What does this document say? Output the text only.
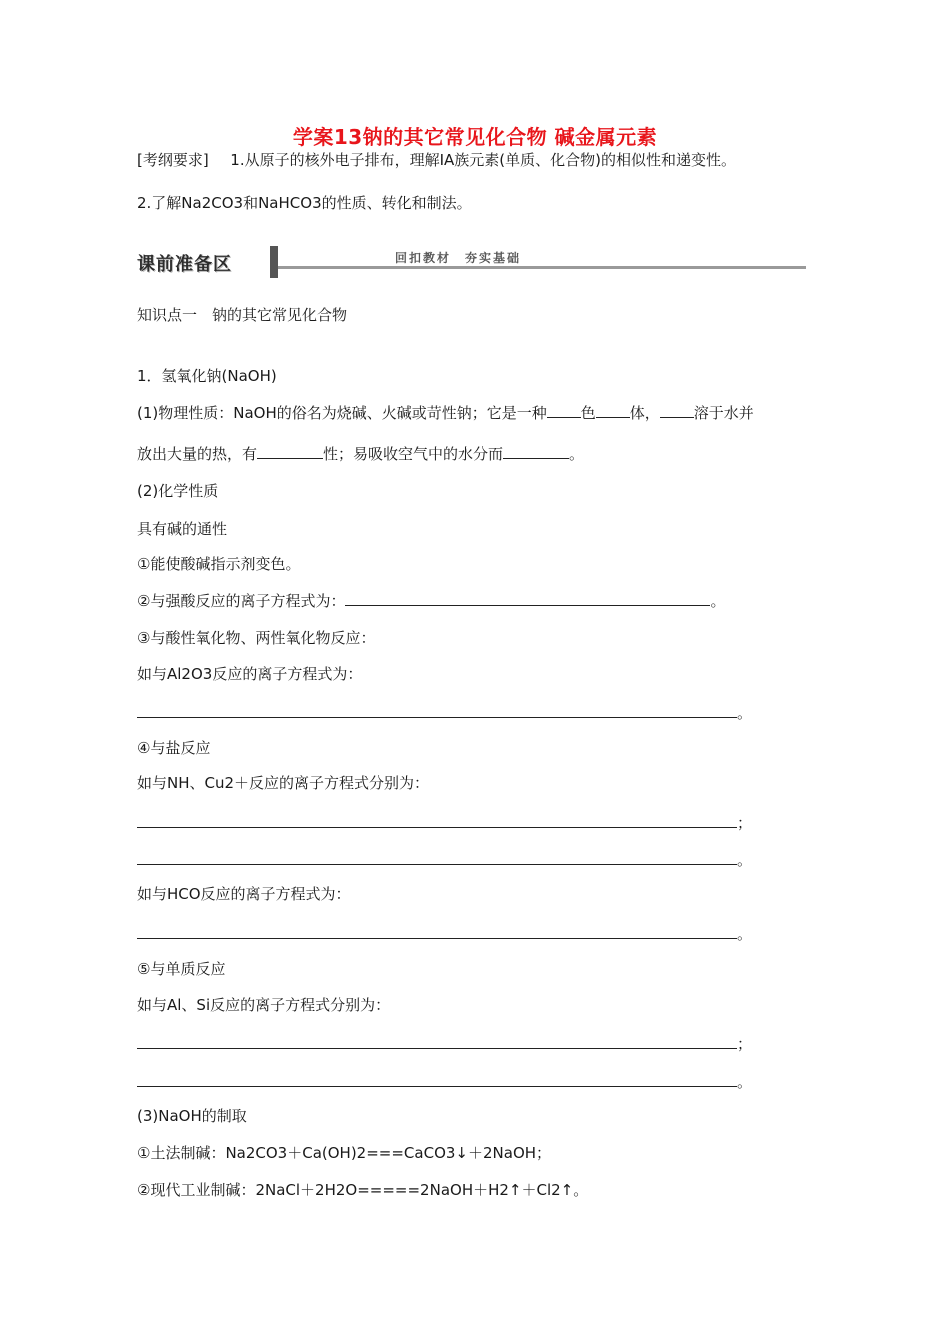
学案13钠的其它常见化合物 碱金属元素
[考纲要求] 1.从原子的核外电子排布，理解ⅠA族元素(单质、化合物)的相似性和递变性。
2.了解Na2CO3和NaHCO3的性质、转化和制法。
课前准备区	回扣教材　夯实基础
知识点一　钠的其它常见化合物
1．氢氧化钠(NaOH)
(1)物理性质：NaOH的俗名为烧碱、火碱或苛性钠；它是一种 色 体， 溶于水并
放出大量的热，有	性；易吸收空气中的水分而	。
(2)化学性质
具有碱的通性
①能使酸碱指示剂变色。
②与强酸反应的离子方程式为：	。
③与酸性氧化物、两性氧化物反应：
如与Al2O3反应的离子方程式为：
。
④与盐反应
如与NH、Cu2＋反应的离子方程式分别为：
；
。
如与HCO反应的离子方程式为：
。
⑤与单质反应
如与Al、Si反应的离子方程式分别为：
；
。
(3)NaOH的制取
①土法制碱：Na2CO3＋Ca(OH)2===CaCO3↓＋2NaOH；
②现代工业制碱：2NaCl＋2H2O=====2NaOH＋H2↑＋Cl2↑。
